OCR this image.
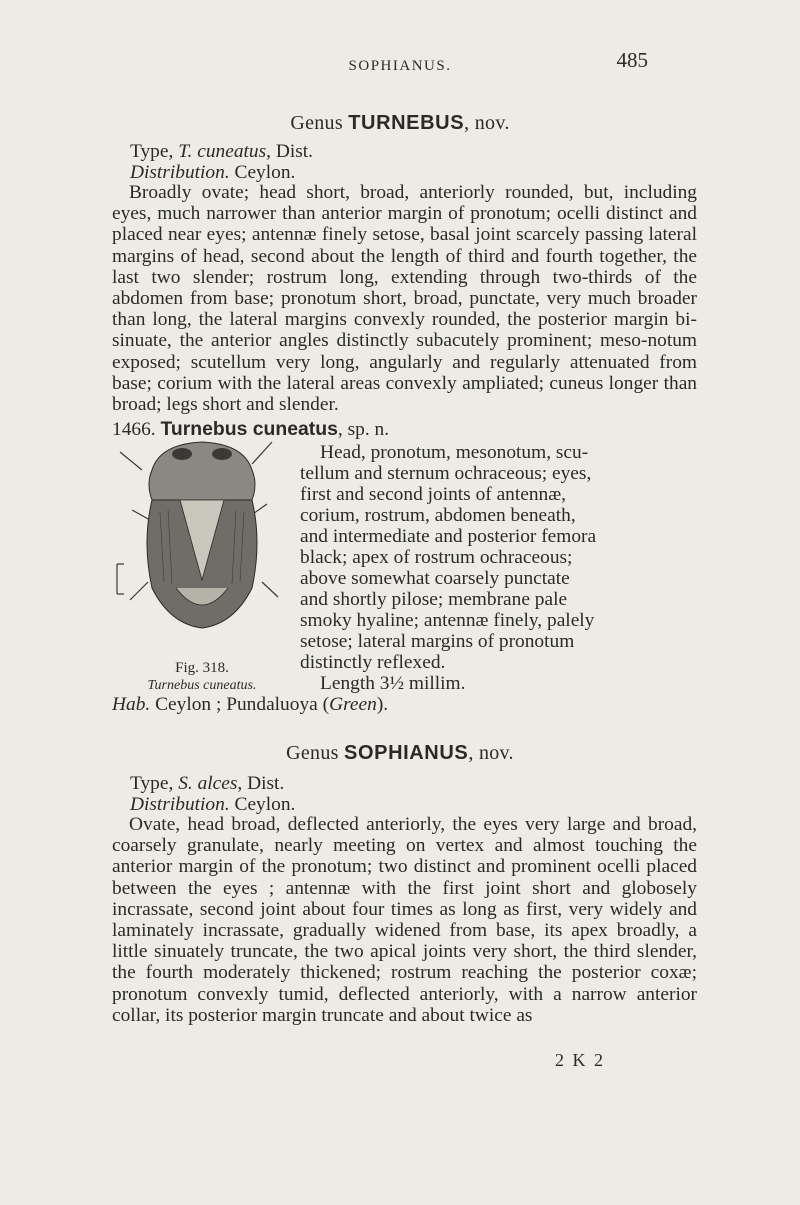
SOPHIANUS.	485
Genus TURNEBUS, nov.
Type, T. cuneatus, Dist.
Distribution. Ceylon.
Broadly ovate; head short, broad, anteriorly rounded, but, including eyes, much narrower than anterior margin of pronotum; ocelli distinct and placed near eyes; antennæ finely setose, basal joint scarcely passing lateral margins of head, second about the length of third and fourth together, the last two slender; rostrum long, extending through two-thirds of the abdomen from base; pronotum short, broad, punctate, very much broader than long, the lateral margins convexly rounded, the posterior margin bi-sinuate, the anterior angles distinctly subacutely prominent; meso-notum exposed; scutellum very long, angularly and regularly attenuated from base; corium with the lateral areas convexly ampliated; cuneus longer than broad; legs short and slender.
1466. Turnebus cuneatus, sp. n.
Fig. 318.
Turnebus cuneatus.
Head, pronotum, mesonotum, scu-
tellum and sternum ochraceous; eyes,
first and second joints of antennæ,
corium, rostrum, abdomen beneath,
and intermediate and posterior femora
black; apex of rostrum ochraceous;
above somewhat coarsely punctate
and shortly pilose; membrane pale
smoky hyaline; antennæ finely, palely
setose; lateral margins of pronotum
distinctly reflexed.
Length 3½ millim.
Hab. Ceylon ; Pundaluoya (Green).
Genus SOPHIANUS, nov.
Type, S. alces, Dist.
Distribution. Ceylon.
Ovate, head broad, deflected anteriorly, the eyes very large and broad, coarsely granulate, nearly meeting on vertex and almost touching the anterior margin of the pronotum; two distinct and prominent ocelli placed between the eyes ; antennæ with the first joint short and globosely incrassate, second joint about four times as long as first, very widely and laminately incrassate, gradually widened from base, its apex broadly, a little sinuately truncate, the two apical joints very short, the third slender, the fourth moderately thickened; rostrum reaching the posterior coxæ; pronotum convexly tumid, deflected anteriorly, with a narrow anterior collar, its posterior margin truncate and about twice as
2 K 2
